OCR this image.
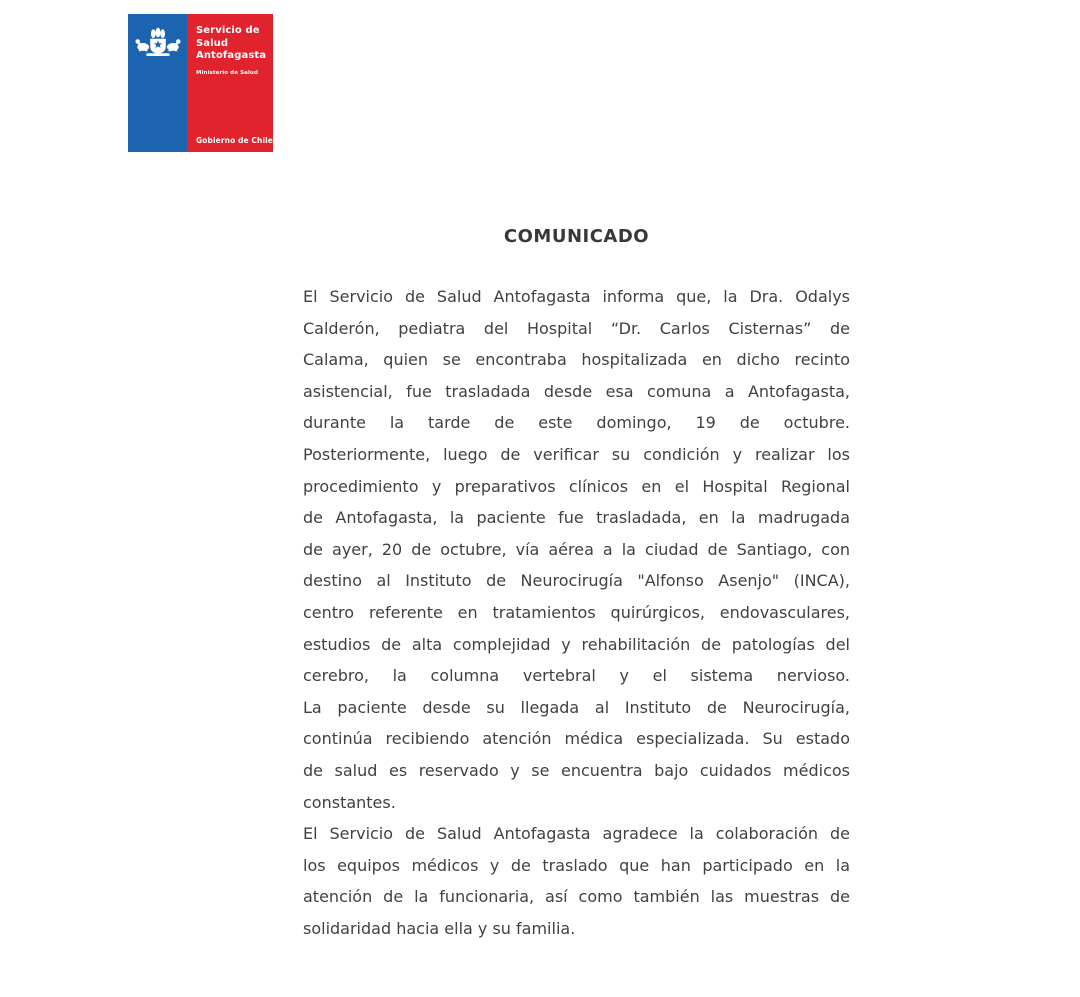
Servicio de
Salud
Antofagasta
Ministerio de Salud
Gobierno de Chile
COMUNICADO
El Servicio de Salud Antofagasta informa que, la Dra. Odalys
Calderón, pediatra del Hospital “Dr. Carlos Cisternas” de
Calama, quien se encontraba hospitalizada en dicho recinto
asistencial, fue trasladada desde esa comuna a Antofagasta,
durante la tarde de este domingo, 19 de octubre.
Posteriormente, luego de verificar su condición y realizar los
procedimiento y preparativos clínicos en el Hospital Regional
de Antofagasta, la paciente fue trasladada, en la madrugada
de ayer, 20 de octubre, vía aérea a la ciudad de Santiago, con
destino al Instituto de Neurocirugía "Alfonso Asenjo" (INCA),
centro referente en tratamientos quirúrgicos, endovasculares,
estudios de alta complejidad y rehabilitación de patologías del
cerebro, la columna vertebral y el sistema nervioso.
La paciente desde su llegada al Instituto de Neurocirugía,
continúa recibiendo atención médica especializada. Su estado
de salud es reservado y se encuentra bajo cuidados médicos
constantes.
El Servicio de Salud Antofagasta agradece la colaboración de
los equipos médicos y de traslado que han participado en la
atención de la funcionaria, así como también las muestras de
solidaridad hacia ella y su familia.
